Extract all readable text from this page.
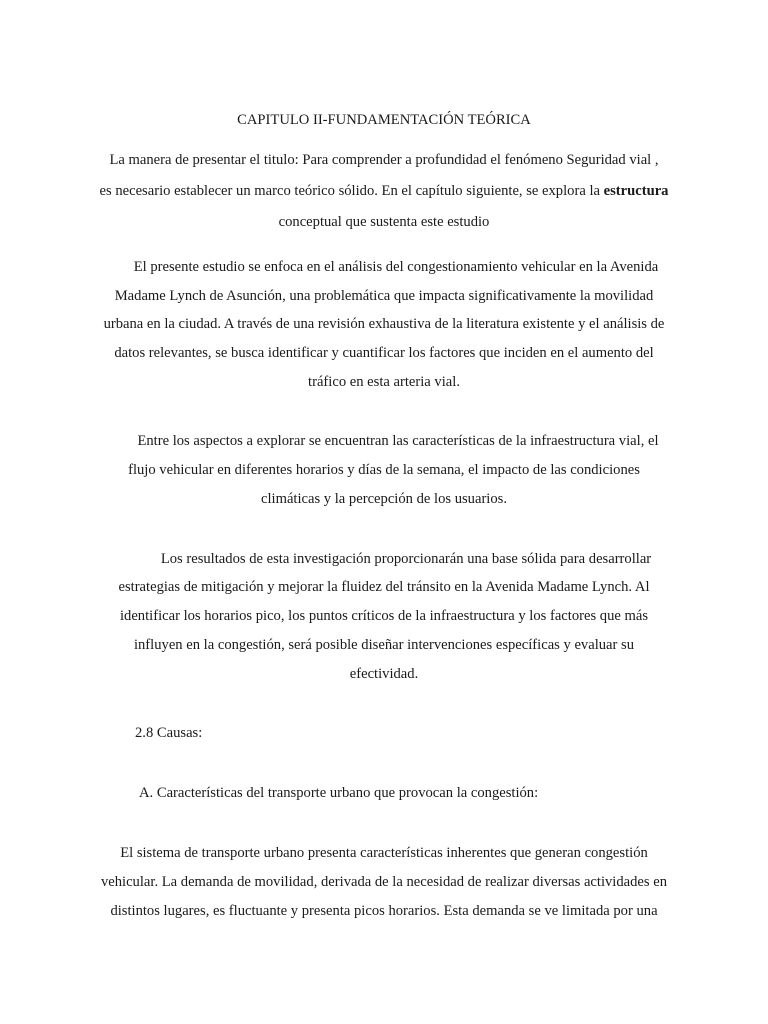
CAPITULO II-FUNDAMENTACIÓN TEÓRICA
La manera de presentar el titulo: Para comprender a profundidad el fenómeno Seguridad vial ,
es necesario establecer un marco teórico sólido. En el capítulo siguiente, se explora la estructura
conceptual que sustenta este estudio
El presente estudio se enfoca en el análisis del congestionamiento vehicular en la Avenida
Madame Lynch de Asunción, una problemática que impacta significativamente la movilidad
urbana en la ciudad. A través de una revisión exhaustiva de la literatura existente y el análisis de
datos relevantes, se busca identificar y cuantificar los factores que inciden en el aumento del
tráfico en esta arteria vial.
Entre los aspectos a explorar se encuentran las características de la infraestructura vial, el
flujo vehicular en diferentes horarios y días de la semana, el impacto de las condiciones
climáticas y la percepción de los usuarios.
Los resultados de esta investigación proporcionarán una base sólida para desarrollar
estrategias de mitigación y mejorar la fluidez del tránsito en la Avenida Madame Lynch. Al
identificar los horarios pico, los puntos críticos de la infraestructura y los factores que más
influyen en la congestión, será posible diseñar intervenciones específicas y evaluar su
efectividad.
2.8 Causas:
A. Características del transporte urbano que provocan la congestión:
El sistema de transporte urbano presenta características inherentes que generan congestión
vehicular. La demanda de movilidad, derivada de la necesidad de realizar diversas actividades en
distintos lugares, es fluctuante y presenta picos horarios. Esta demanda se ve limitada por una
